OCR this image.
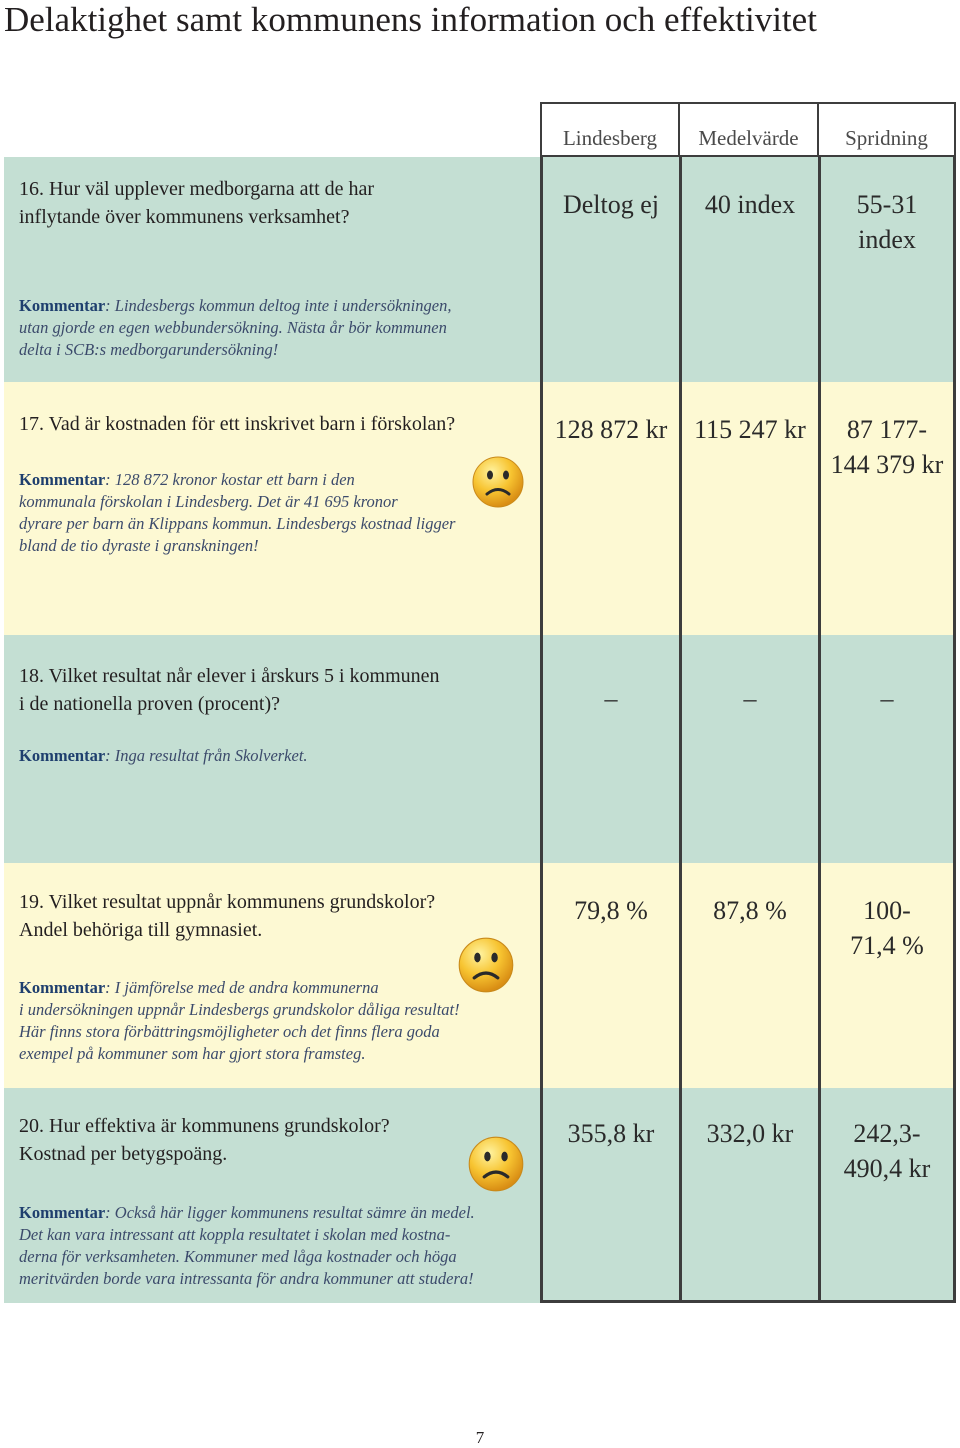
Delaktighet samt kommunens information och effektivitet
Lindesberg	Medelvärde	Spridning
16. Hur väl upplever medborgarna att de har
inflytande över kommunens verksamhet?
Kommentar: Lindesbergs kommun deltog inte i undersökningen,
utan gjorde en egen webbundersökning. Nästa år bör kommunen
delta i SCB:s medborgarundersökning!
Deltog ej	40 index	55-31
index
17. Vad är kostnaden för ett inskrivet barn i förskolan?
Kommentar: 128 872 kronor kostar ett barn i den
kommunala förskolan i Lindesberg. Det är 41 695 kronor
dyrare per barn än Klippans kommun. Lindesbergs kostnad ligger
bland de tio dyraste i granskningen!
128 872 kr	115 247 kr	87 177-
144 379 kr
18. Vilket resultat når elever i årskurs 5 i kommunen
i de nationella proven (procent)?
Kommentar: Inga resultat från Skolverket.
–	–	–
19. Vilket resultat uppnår kommunens grundskolor?
Andel behöriga till gymnasiet.
Kommentar: I jämförelse med de andra kommunerna
i undersökningen uppnår Lindesbergs grundskolor dåliga resultat!
Här finns stora förbättringsmöjligheter och det finns flera goda
exempel på kommuner som har gjort stora framsteg.
79,8 %	87,8 %	100-
71,4 %
20. Hur effektiva är kommunens grundskolor?
Kostnad per betygspoäng.
Kommentar: Också här ligger kommunens resultat sämre än medel.
Det kan vara intressant att koppla resultatet i skolan med kostna-
derna för verksamheten. Kommuner med låga kostnader och höga
meritvärden borde vara intressanta för andra kommuner att studera!
355,8 kr	332,0 kr	242,3-
490,4 kr
7
